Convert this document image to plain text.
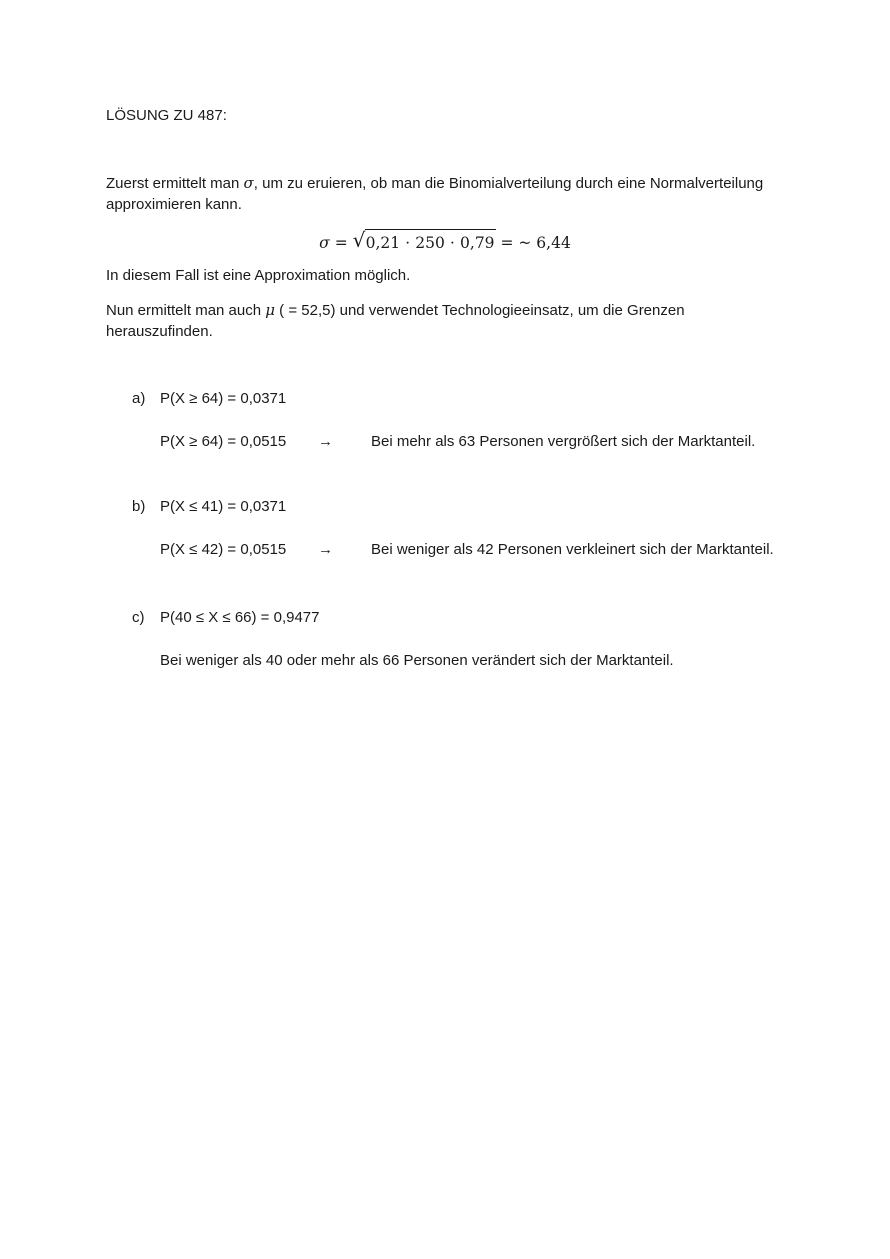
LÖSUNG ZU 487:
Zuerst ermittelt man σ, um zu eruieren, ob man die Binomialverteilung durch eine Normalverteilung
approximieren kann.
σ = √ 0,21 ⋅ 250 ⋅ 0,79 = ~ 6,44
In diesem Fall ist eine Approximation möglich.
Nun ermittelt man auch μ ( = 52,5) und verwendet Technologieeinsatz, um die Grenzen
herauszufinden.
a) P(X ≥ 64) = 0,0371
P(X ≥ 64) = 0,0515 →	Bei mehr als 63 Personen vergrößert sich der Marktanteil.
b) P(X ≤ 41) = 0,0371
P(X ≤ 42) = 0,0515 →	Bei weniger als 42 Personen verkleinert sich der Marktanteil.
c) P(40 ≤ X ≤ 66) = 0,9477
Bei weniger als 40 oder mehr als 66 Personen verändert sich der Marktanteil.
